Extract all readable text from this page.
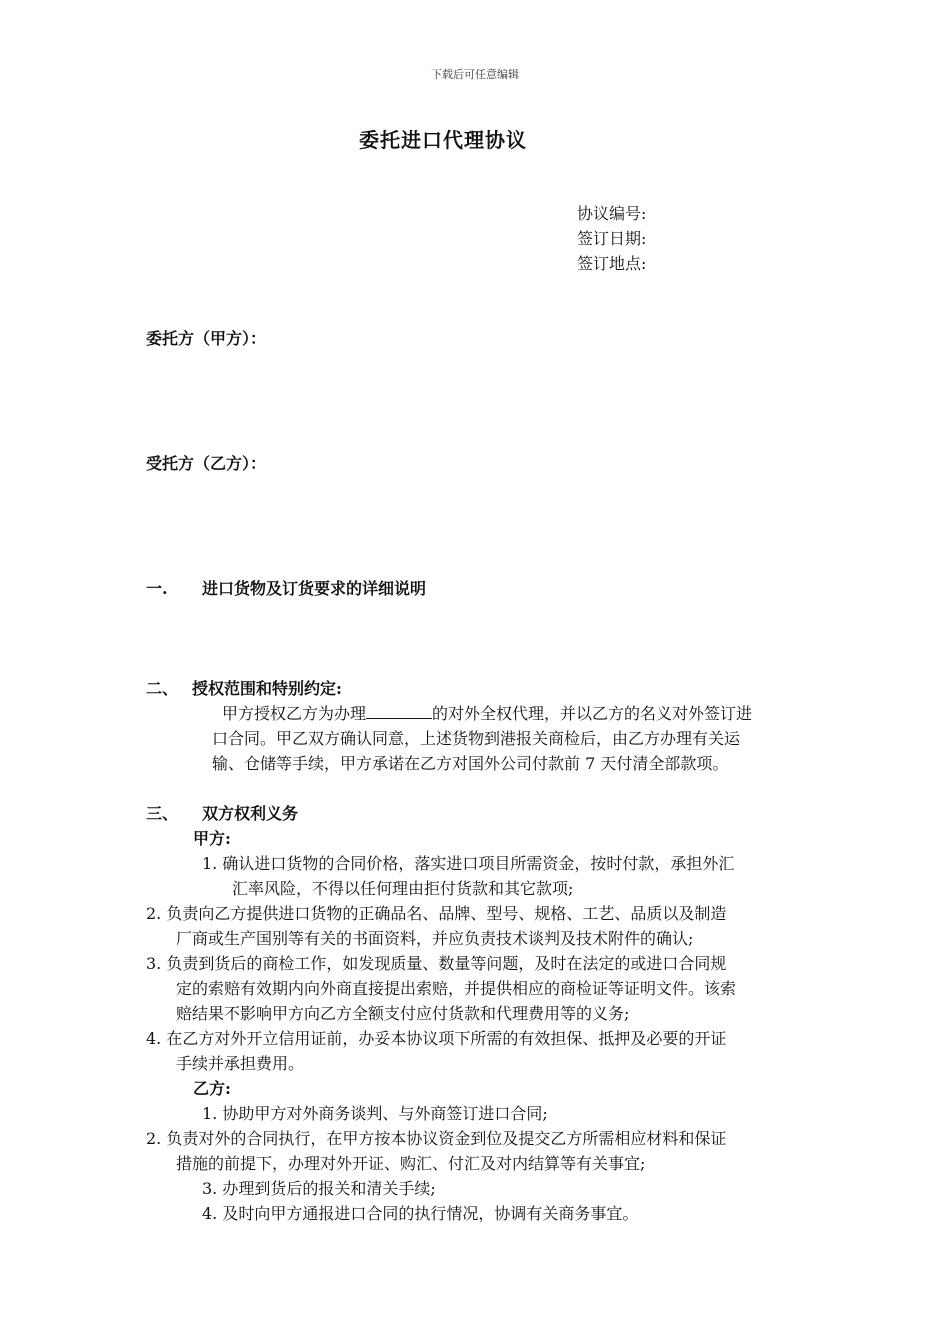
下载后可任意编辑
委托进口代理协议
协议编号:
签订日期:
签订地点:
委托方（甲方）：
受托方（乙方）：
一. 进口货物及订货要求的详细说明
二、 授权范围和特别约定:
甲方授权乙方为办理	的对外全权代理，并以乙方的名义对外签订进
口合同。甲乙双方确认同意，上述货物到港报关商检后，由乙方办理有关运
输、仓储等手续，甲方承诺在乙方对国外公司付款前 7 天付清全部款项。
三、 双方权利义务
甲方:
1. 确认进口货物的合同价格，落实进口项目所需资金，按时付款，承担外汇
汇率风险，不得以任何理由拒付货款和其它款项;
2. 负责向乙方提供进口货物的正确品名、品牌、型号、规格、工艺、品质以及制造
厂商或生产国别等有关的书面资料，并应负责技术谈判及技术附件的确认;
3. 负责到货后的商检工作，如发现质量、数量等问题，及时在法定的或进口合同规
定的索赔有效期内向外商直接提出索赔，并提供相应的商检证等证明文件。该索
赔结果不影响甲方向乙方全额支付应付货款和代理费用等的义务;
4. 在乙方对外开立信用证前，办妥本协议项下所需的有效担保、抵押及必要的开证
手续并承担费用。
乙方:
1. 协助甲方对外商务谈判、与外商签订进口合同;
2. 负责对外的合同执行，在甲方按本协议资金到位及提交乙方所需相应材料和保证
措施的前提下，办理对外开证、购汇、付汇及对内结算等有关事宜;
3. 办理到货后的报关和清关手续;
4. 及时向甲方通报进口合同的执行情况，协调有关商务事宜。
